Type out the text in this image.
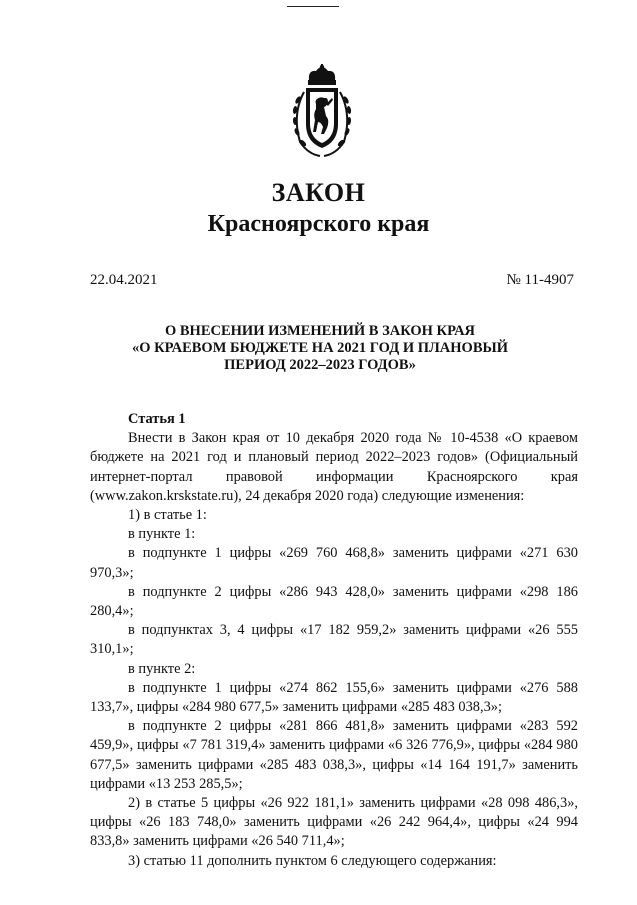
ЗАКОН
Красноярского края
22.04.2021	№ 11-4907
О ВНЕСЕНИИ ИЗМЕНЕНИЙ В ЗАКОН КРАЯ
«О КРАЕВОМ БЮДЖЕТЕ НА 2021 ГОД И ПЛАНОВЫЙ
ПЕРИОД 2022–2023 ГОДОВ»
Статья 1
Внести в Закон края от 10 декабря 2020 года № 10-4538 «О краевом бюджете на 2021 год и плановый период 2022–2023 годов» (Официальный интернет-портал правовой информации Красноярского края (www.zakon.krskstate.ru), 24 декабря 2020 года) следующие изменения:
1) в статье 1:
в пункте 1:
в подпункте 1 цифры «269 760 468,8» заменить цифрами «271 630 970,3»;
в подпункте 2 цифры «286 943 428,0» заменить цифрами «298 186 280,4»;
в подпунктах 3, 4 цифры «17 182 959,2» заменить цифрами «26 555 310,1»;
в пункте 2:
в подпункте 1 цифры «274 862 155,6» заменить цифрами «276 588 133,7», цифры «284 980 677,5» заменить цифрами «285 483 038,3»;
в подпункте 2 цифры «281 866 481,8» заменить цифрами «283 592 459,9», цифры «7 781 319,4» заменить цифрами «6 326 776,9», цифры «284 980 677,5» заменить цифрами «285 483 038,3», цифры «14 164 191,7» заменить цифрами «13 253 285,5»;
2) в статье 5 цифры «26 922 181,1» заменить цифрами «28 098 486,3», цифры «26 183 748,0» заменить цифрами «26 242 964,4», цифры «24 994 833,8» заменить цифрами «26 540 711,4»;
3) статью 11 дополнить пунктом 6 следующего содержания:
